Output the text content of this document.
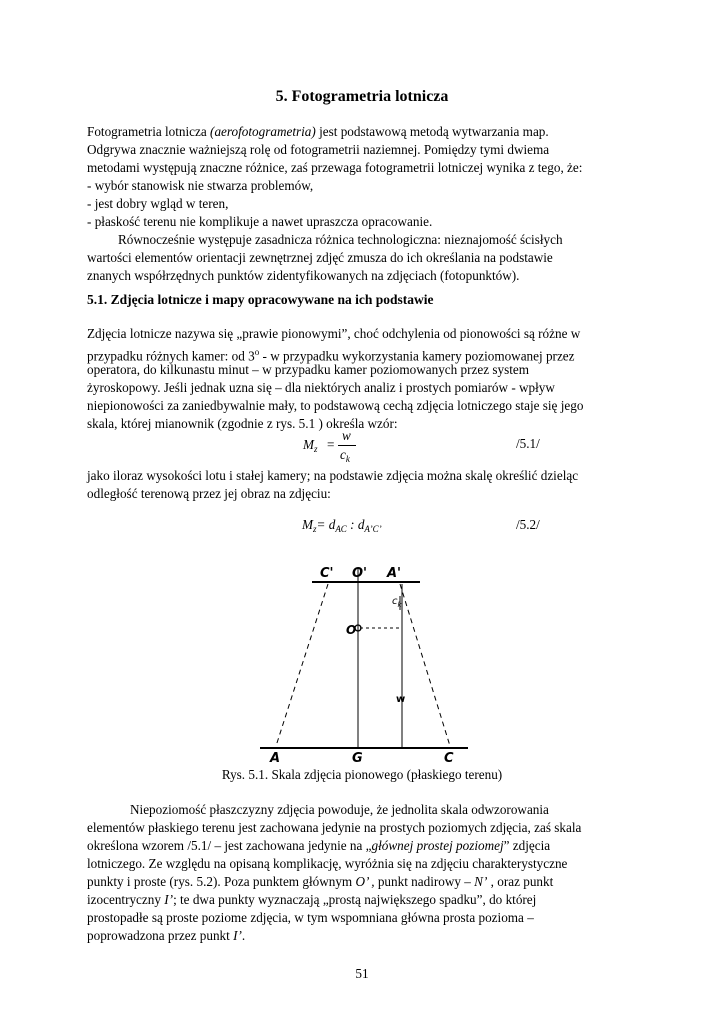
5. Fotogrametria lotnicza
Fotogrametria lotnicza (aerofotogrametria) jest podstawową metodą wytwarzania map.
Odgrywa znacznie ważniejszą rolę od fotogrametrii naziemnej. Pomiędzy tymi dwiema
metodami występują znaczne różnice, zaś przewaga fotogrametrii lotniczej wynika z tego, że:
- wybór stanowisk nie stwarza problemów,
- jest dobry wgląd w teren,
- płaskość terenu nie komplikuje a nawet upraszcza opracowanie.
Równocześnie występuje zasadnicza różnica technologiczna: nieznajomość ścisłych
wartości elementów orientacji zewnętrznej zdjęć zmusza do ich określania na podstawie
znanych współrzędnych punktów zidentyfikowanych na zdjęciach (fotopunktów).
5.1. Zdjęcia lotnicze i mapy opracowywane na ich podstawie
Zdjęcia lotnicze nazywa się „prawie pionowymi”, choć odchylenia od pionowości są różne w
przypadku różnych kamer: od 3$^o$ - w przypadku wykorzystania kamery poziomowanej przez
operatora, do kilkunastu minut – w przypadku kamer poziomowanych przez system
żyroskopowy. Jeśli jednak uzna się – dla niektórych analiz i prostych pomiarów - wpływ
niepionowości za zaniedbywalnie mały, to podstawową cechą zdjęcia lotniczego staje się jego
skala, której mianownik (zgodnie z rys. 5.1 ) określa wzór:
$M_z$ =
w
$c_k$
/5.1/
jako iloraz wysokości lotu i stałej kamery; na podstawie zdjęcia można skalę określić dzieląc
odległość terenową przez jej obraz na zdjęciu:
$M_z= d_{AC}$ : $d_{A’C’}$	/5.2/
C' O' A'
$c_k$
O
w
A	G	C
Rys. 5.1. Skala zdjęcia pionowego (płaskiego terenu)
Niepoziomość płaszczyzny zdjęcia powoduje, że jednolita skala odwzorowania
elementów płaskiego terenu jest zachowana jedynie na prostych poziomych zdjęcia, zaś skala
określona wzorem /5.1/ – jest zachowana jedynie na „głównej prostej poziomej” zdjęcia
lotniczego. Ze względu na opisaną komplikację, wyróżnia się na zdjęciu charakterystyczne
punkty i proste (rys. 5.2). Poza punktem głównym O’ , punkt nadirowy – N’ , oraz punkt
izocentryczny I’; te dwa punkty wyznaczają „prostą największego spadku”, do której
prostopadłe są proste poziome zdjęcia, w tym wspomniana główna prosta pozioma –
poprowadzona przez punkt I’.
51
